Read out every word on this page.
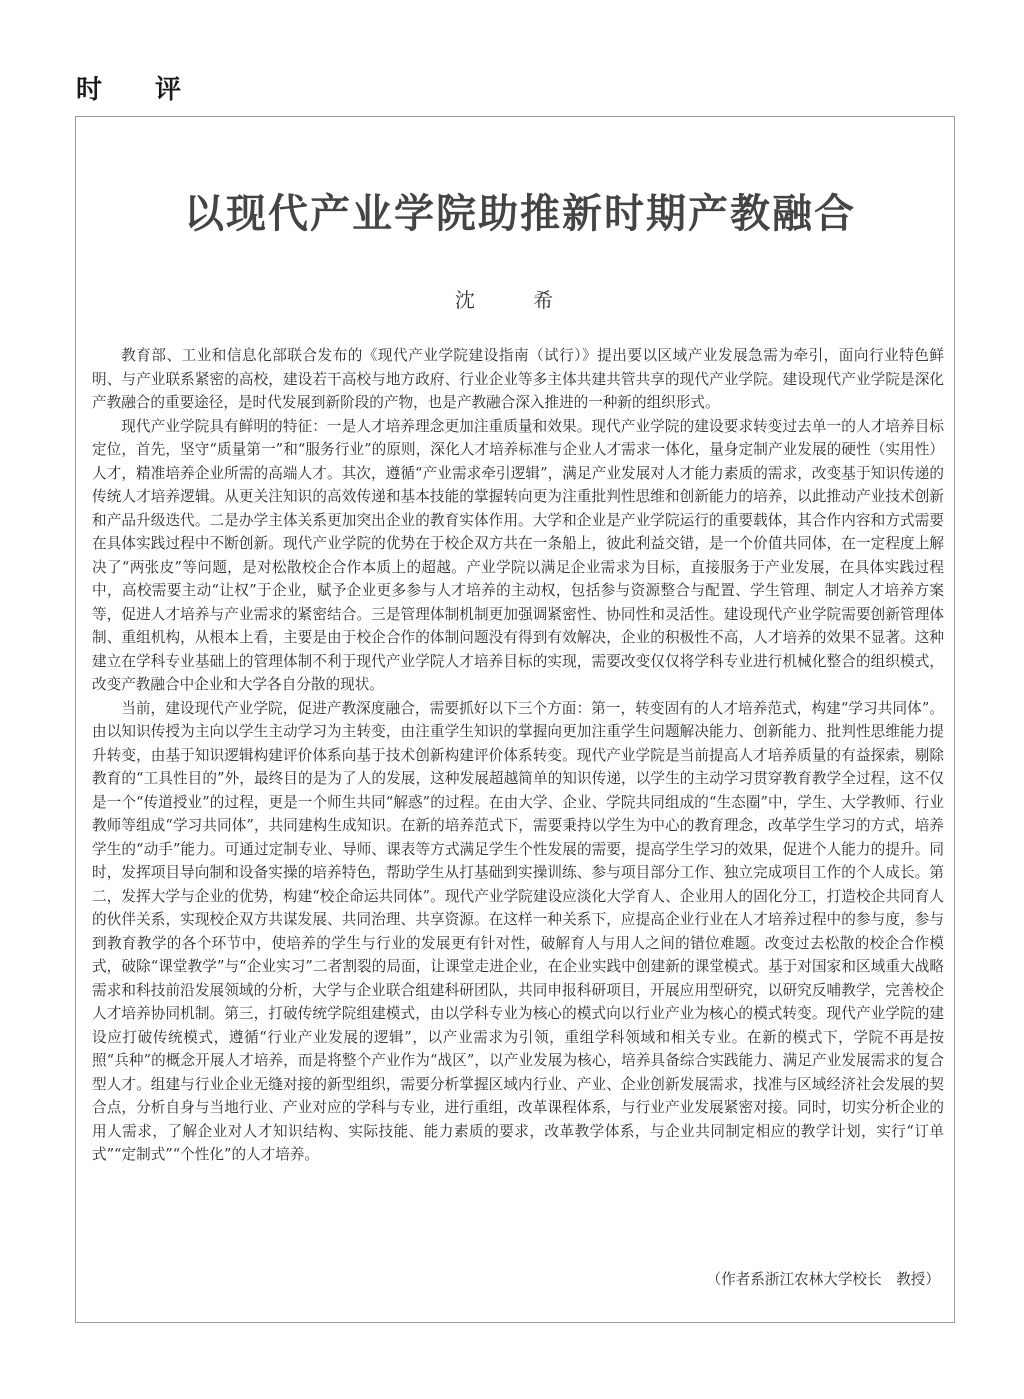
时 评
以现代产业学院助推新时期产教融合
沈 希

教育部、工业和信息化部联合发布的《现代产业学院建设指南（试行）》提出要以区域产业发展急需为牵引，面向行业特色鲜明、与产业联系紧密的高校，建设若干高校与地方政府、行业企业等多主体共建共管共享的现代产业学院。建设现代产业学院是深化产教融合的重要途径，是时代发展到新阶段的产物，也是产教融合深入推进的一种新的组织形式。

现代产业学院具有鲜明的特征：一是人才培养理念更加注重质量和效果。现代产业学院的建设要求转变过去单一的人才培养目标定位，首先，坚守“质量第一”和“服务行业”的原则，深化人才培养标准与企业人才需求一体化，量身定制产业发展的硬性（实用性）人才，精准培养企业所需的高端人才。其次，遵循“产业需求牵引逻辑”，满足产业发展对人才能力素质的需求，改变基于知识传递的传统人才培养逻辑。从更关注知识的高效传递和基本技能的掌握转向更为注重批判性思维和创新能力的培养，以此推动产业技术创新和产品升级迭代。二是办学主体关系更加突出企业的教育实体作用。大学和企业是产业学院运行的重要载体，其合作内容和方式需要在具体实践过程中不断创新。现代产业学院的优势在于校企双方共在一条船上，彼此利益交错，是一个价值共同体，在一定程度上解决了“两张皮”等问题，是对松散校企合作本质上的超越。产业学院以满足企业需求为目标，直接服务于产业发展，在具体实践过程中，高校需要主动“让权”于企业，赋予企业更多参与人才培养的主动权，包括参与资源整合与配置、学生管理、制定人才培养方案等，促进人才培养与产业需求的紧密结合。三是管理体制机制更加强调紧密性、协同性和灵活性。建设现代产业学院需要创新管理体制、重组机构，从根本上看，主要是由于校企合作的体制问题没有得到有效解决，企业的积极性不高，人才培养的效果不显著。这种建立在学科专业基础上的管理体制不利于现代产业学院人才培养目标的实现，需要改变仅仅将学科专业进行机械化整合的组织模式，改变产教融合中企业和大学各自分散的现状。

当前，建设现代产业学院，促进产教深度融合，需要抓好以下三个方面：第一，转变固有的人才培养范式，构建“学习共同体”。由以知识传授为主向以学生主动学习为主转变，由注重学生知识的掌握向更加注重学生问题解决能力、创新能力、批判性思维能力提升转变，由基于知识逻辑构建评价体系向基于技术创新构建评价体系转变。现代产业学院是当前提高人才培养质量的有益探索，剔除教育的“工具性目的”外，最终目的是为了人的发展，这种发展超越简单的知识传递，以学生的主动学习贯穿教育教学全过程，这不仅是一个“传道授业”的过程，更是一个师生共同“解惑”的过程。在由大学、企业、学院共同组成的“生态圈”中，学生、大学教师、行业教师等组成“学习共同体”，共同建构生成知识。在新的培养范式下，需要秉持以学生为中心的教育理念，改革学生学习的方式，培养学生的“动手”能力。可通过定制专业、导师、课表等方式满足学生个性发展的需要，提高学生学习的效果，促进个人能力的提升。同时，发挥项目导向制和设备实操的培养特色，帮助学生从打基础到实操训练、参与项目部分工作、独立完成项目工作的个人成长。第二，发挥大学与企业的优势，构建“校企命运共同体”。现代产业学院建设应淡化大学育人、企业用人的固化分工，打造校企共同育人的伙伴关系，实现校企双方共谋发展、共同治理、共享资源。在这样一种关系下，应提高企业行业在人才培养过程中的参与度，参与到教育教学的各个环节中，使培养的学生与行业的发展更有针对性，破解育人与用人之间的错位难题。改变过去松散的校企合作模式，破除“课堂教学”与“企业实习”二者割裂的局面，让课堂走进企业，在企业实践中创建新的课堂模式。基于对国家和区域重大战略需求和科技前沿发展领域的分析，大学与企业联合组建科研团队，共同申报科研项目，开展应用型研究，以研究反哺教学，完善校企人才培养协同机制。第三，打破传统学院组建模式，由以学科专业为核心的模式向以行业产业为核心的模式转变。现代产业学院的建设应打破传统模式，遵循“行业产业发展的逻辑”，以产业需求为引领，重组学科领域和相关专业。在新的模式下，学院不再是按照“兵种”的概念开展人才培养，而是将整个产业作为“战区”，以产业发展为核心，培养具备综合实践能力、满足产业发展需求的复合型人才。组建与行业企业无缝对接的新型组织，需要分析掌握区域内行业、产业、企业创新发展需求，找准与区域经济社会发展的契合点，分析自身与当地行业、产业对应的学科与专业，进行重组，改革课程体系，与行业产业发展紧密对接。同时，切实分析企业的用人需求，了解企业对人才知识结构、实际技能、能力素质的要求，改革教学体系，与企业共同制定相应的教学计划，实行“订单式”“定制式”“个性化”的人才培养。

（作者系浙江农林大学校长　教授）
